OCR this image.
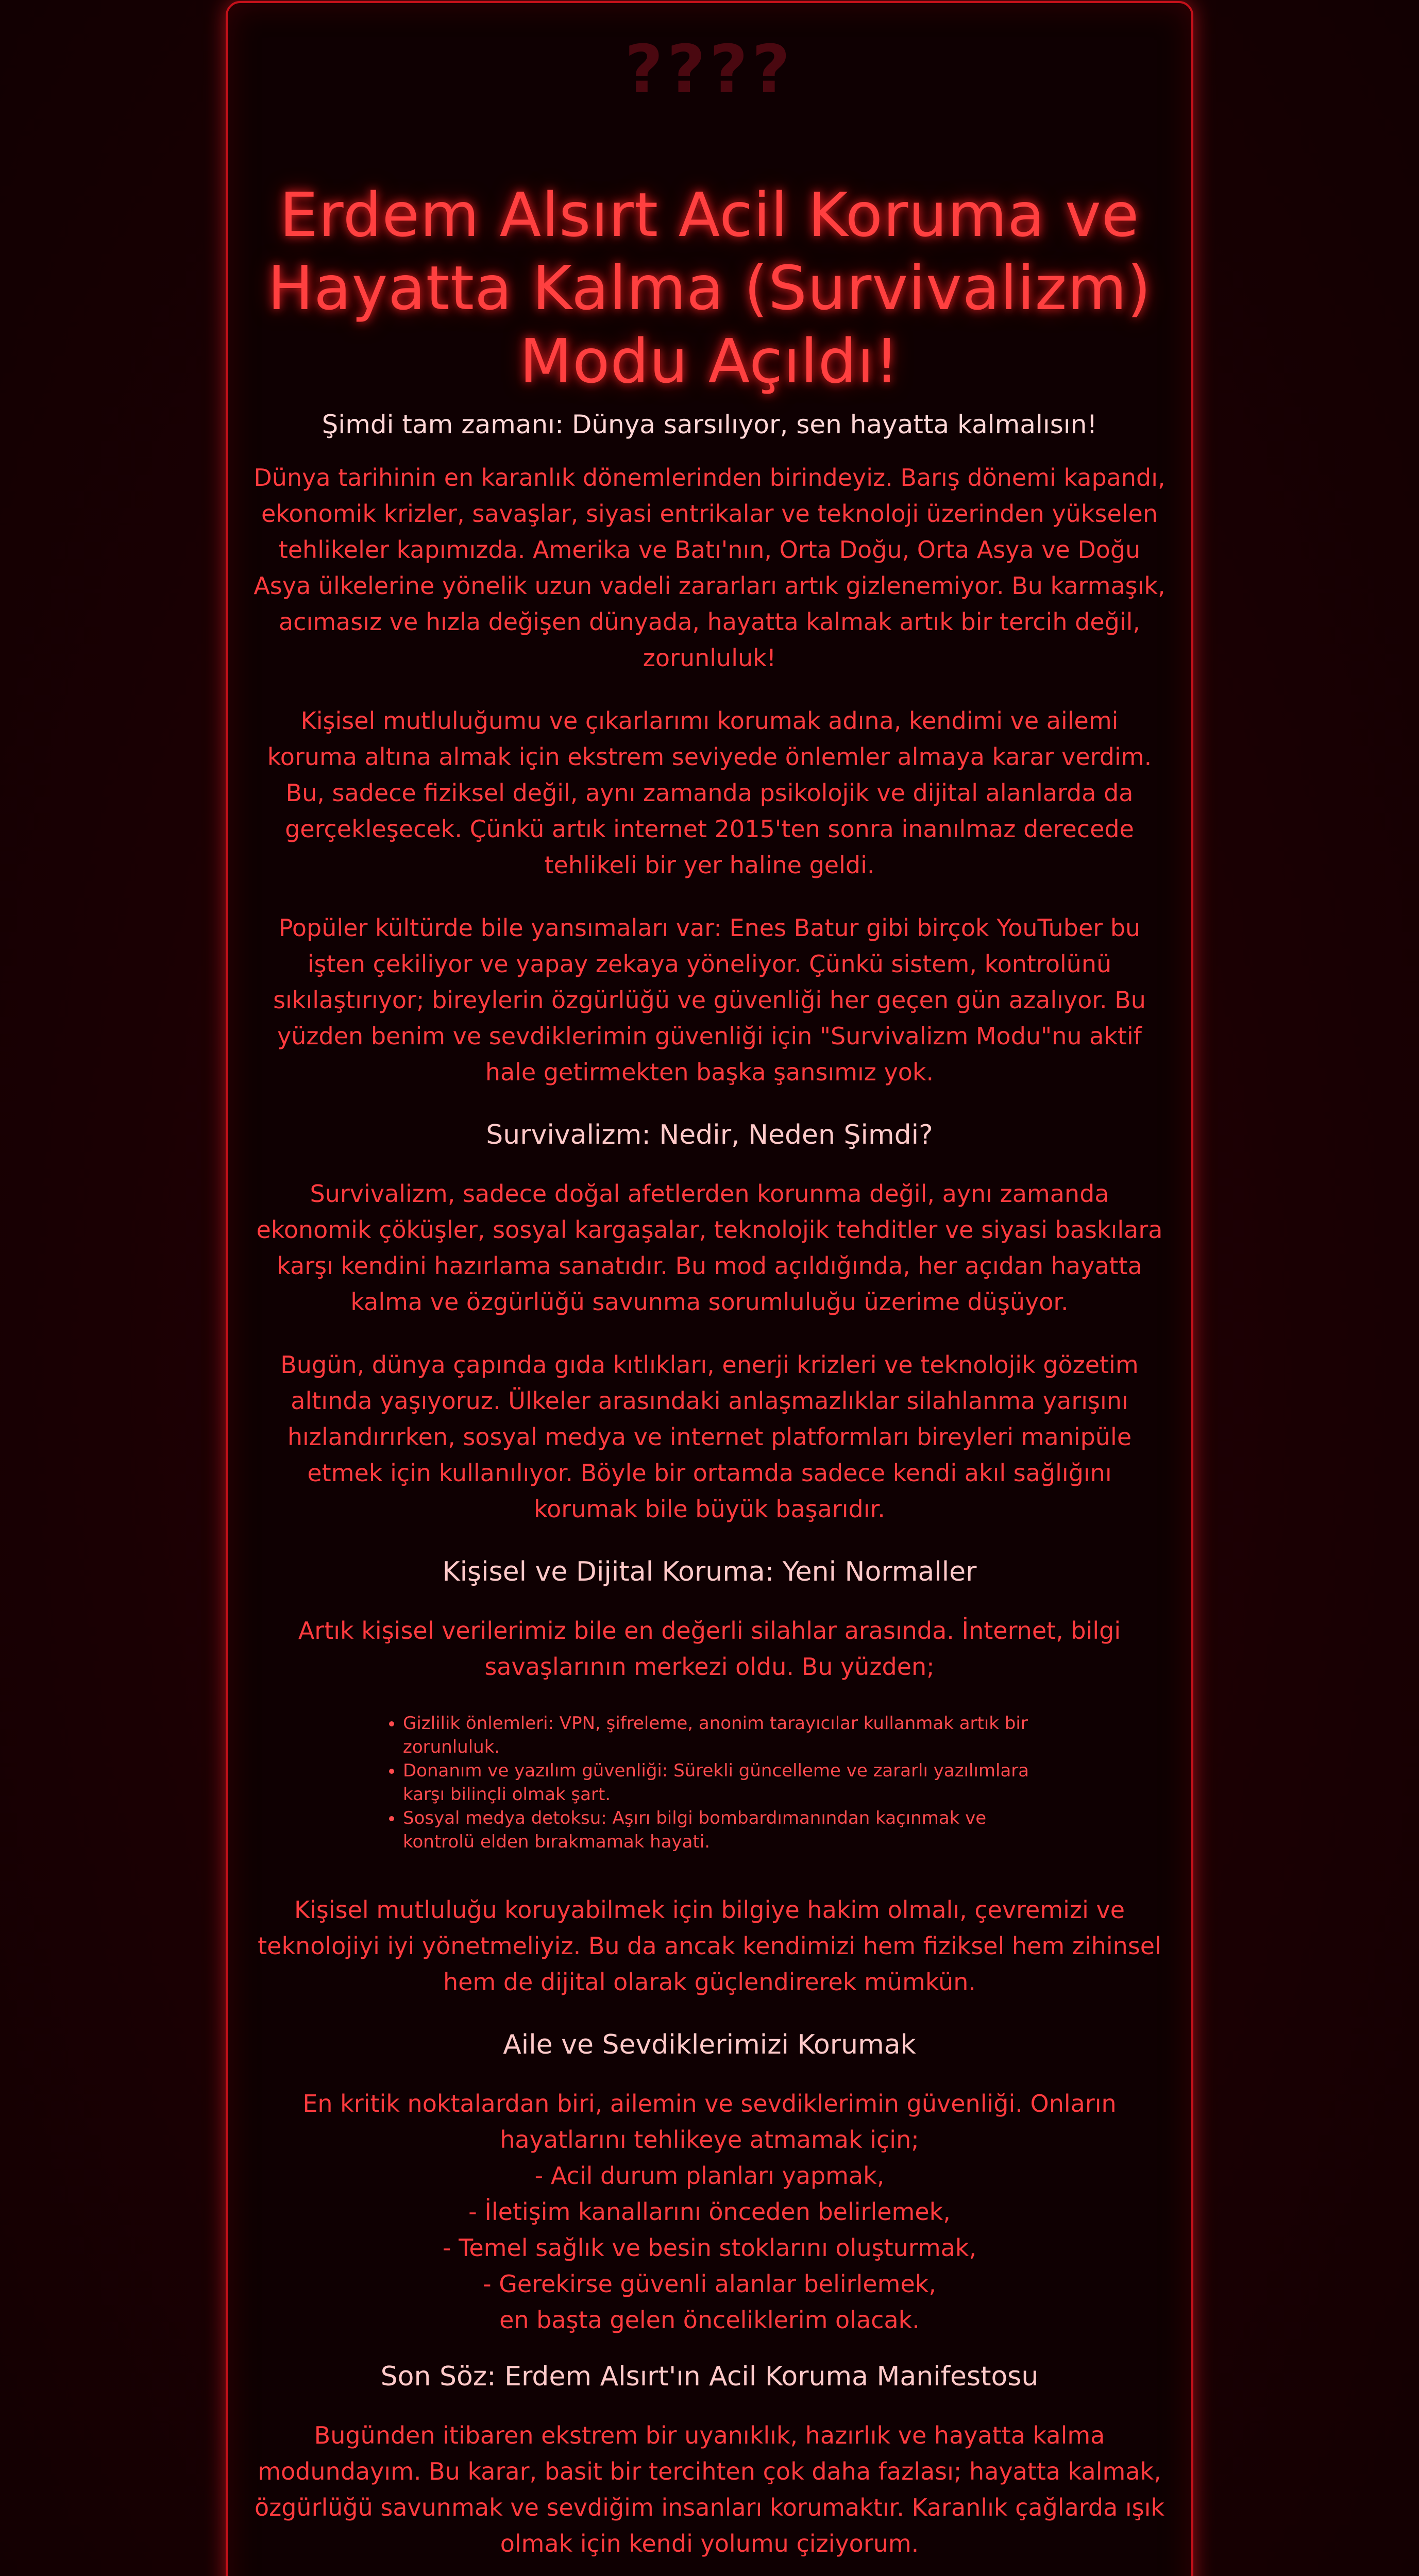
????
Erdem Alsırt Acil Koruma ve Hayatta Kalma (Survivalizm) Modu Açıldı!
Şimdi tam zamanı: Dünya sarsılıyor, sen hayatta kalmalısın!

Dünya tarihinin en karanlık dönemlerinden birindeyiz. Barış dönemi kapandı, ekonomik krizler, savaşlar, siyasi entrikalar ve teknoloji üzerinden yükselen tehlikeler kapımızda. Amerika ve Batı'nın, Orta Doğu, Orta Asya ve Doğu Asya ülkelerine yönelik uzun vadeli zararları artık gizlenemiyor. Bu karmaşık, acımasız ve hızla değişen dünyada, hayatta kalmak artık bir tercih değil, zorunluluk!

Kişisel mutluluğumu ve çıkarlarımı korumak adına, kendimi ve ailemi koruma altına almak için ekstrem seviyede önlemler almaya karar verdim. Bu, sadece fiziksel değil, aynı zamanda psikolojik ve dijital alanlarda da gerçekleşecek. Çünkü artık internet 2015'ten sonra inanılmaz derecede tehlikeli bir yer haline geldi.

Popüler kültürde bile yansımaları var: Enes Batur gibi birçok YouTuber bu işten çekiliyor ve yapay zekaya yöneliyor. Çünkü sistem, kontrolünü sıkılaştırıyor; bireylerin özgürlüğü ve güvenliği her geçen gün azalıyor. Bu yüzden benim ve sevdiklerimin güvenliği için "Survivalizm Modu"nu aktif hale getirmekten başka şansımız yok.

Survivalizm: Nedir, Neden Şimdi?

Survivalizm, sadece doğal afetlerden korunma değil, aynı zamanda ekonomik çöküşler, sosyal kargaşalar, teknolojik tehditler ve siyasi baskılara karşı kendini hazırlama sanatıdır. Bu mod açıldığında, her açıdan hayatta kalma ve özgürlüğü savunma sorumluluğu üzerime düşüyor.

Bugün, dünya çapında gıda kıtlıkları, enerji krizleri ve teknolojik gözetim altında yaşıyoruz. Ülkeler arasındaki anlaşmazlıklar silahlanma yarışını hızlandırırken, sosyal medya ve internet platformları bireyleri manipüle etmek için kullanılıyor. Böyle bir ortamda sadece kendi akıl sağlığını korumak bile büyük başarıdır.

Kişisel ve Dijital Koruma: Yeni Normaller

Artık kişisel verilerimiz bile en değerli silahlar arasında. İnternet, bilgi savaşlarının merkezi oldu. Bu yüzden;

• Gizlilik önlemleri: VPN, şifreleme, anonim tarayıcılar kullanmak artık bir zorunluluk.
• Donanım ve yazılım güvenliği: Sürekli güncelleme ve zararlı yazılımlara karşı bilinçli olmak şart.
• Sosyal medya detoksu: Aşırı bilgi bombardımanından kaçınmak ve kontrolü elden bırakmamak hayati.

Kişisel mutluluğu koruyabilmek için bilgiye hakim olmalı, çevremizi ve teknolojiyi iyi yönetmeliyiz. Bu da ancak kendimizi hem fiziksel hem zihinsel hem de dijital olarak güçlendirerek mümkün.

Aile ve Sevdiklerimizi Korumak

En kritik noktalardan biri, ailemin ve sevdiklerimin güvenliği. Onların hayatlarını tehlikeye atmamak için;
- Acil durum planları yapmak,
- İletişim kanallarını önceden belirlemek,
- Temel sağlık ve besin stoklarını oluşturmak,
- Gerekirse güvenli alanlar belirlemek,
en başta gelen önceliklerim olacak.

Son Söz: Erdem Alsırt'ın Acil Koruma Manifestosu

Bugünden itibaren ekstrem bir uyanıklık, hazırlık ve hayatta kalma modundayım. Bu karar, basit bir tercihten çok daha fazlası; hayatta kalmak, özgürlüğü savunmak ve sevdiğim insanları korumaktır. Karanlık çağlarda ışık olmak için kendi yolumu çiziyorum.
